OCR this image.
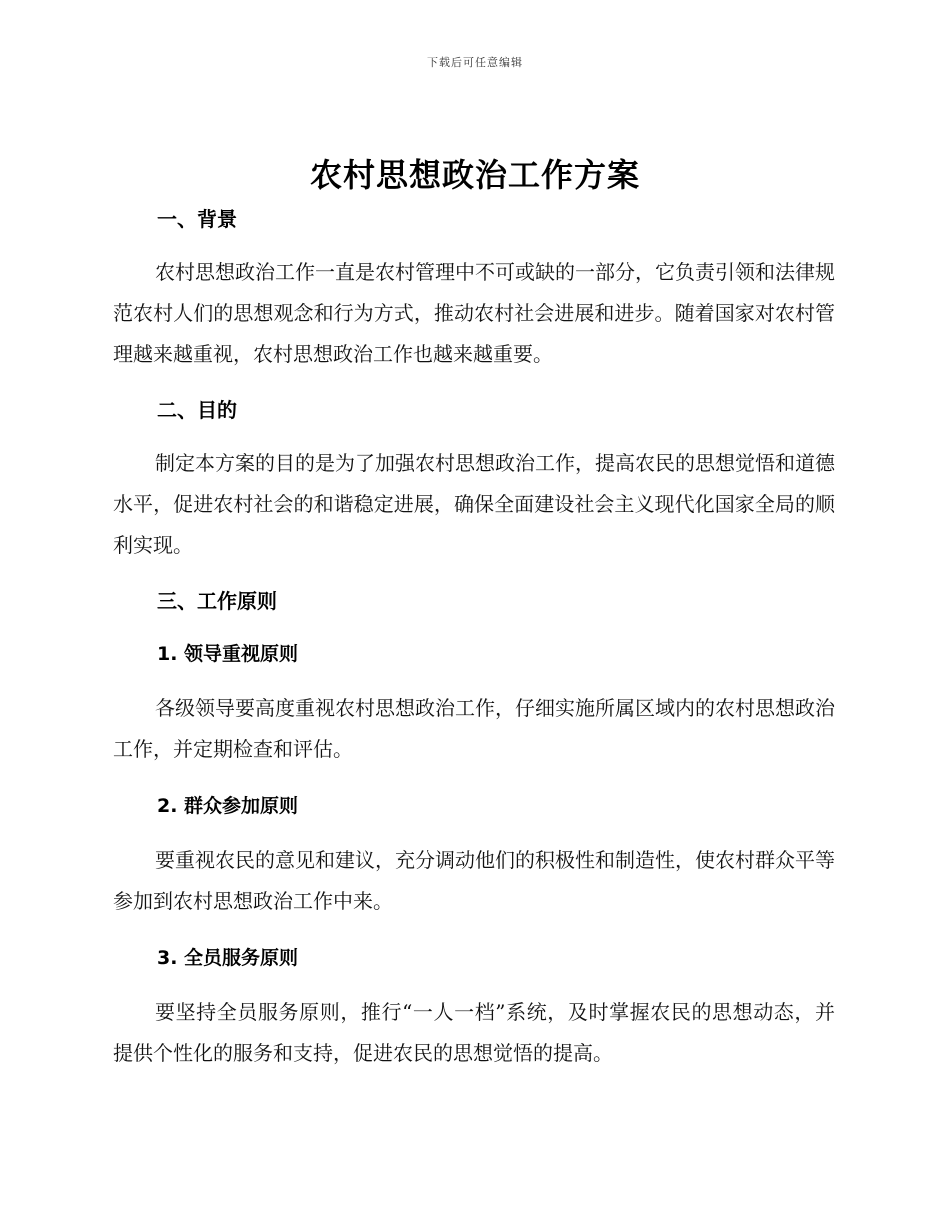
下载后可任意编辑
农村思想政治工作方案
一、背景

农村思想政治工作一直是农村管理中不可或缺的一部分，它负责引领和法律规范农村人们的思想观念和行为方式，推动农村社会进展和进步。随着国家对农村管理越来越重视，农村思想政治工作也越来越重要。

二、目的

制定本方案的目的是为了加强农村思想政治工作，提高农民的思想觉悟和道德水平，促进农村社会的和谐稳定进展，确保全面建设社会主义现代化国家全局的顺利实现。

三、工作原则
1. 领导重视原则

各级领导要高度重视农村思想政治工作，仔细实施所属区域内的农村思想政治工作，并定期检查和评估。

2. 群众参加原则

要重视农民的意见和建议，充分调动他们的积极性和制造性，使农村群众平等参加到农村思想政治工作中来。

3. 全员服务原则

要坚持全员服务原则，推行“一人一档”系统，及时掌握农民的思想动态，并提供个性化的服务和支持，促进农民的思想觉悟的提高。
